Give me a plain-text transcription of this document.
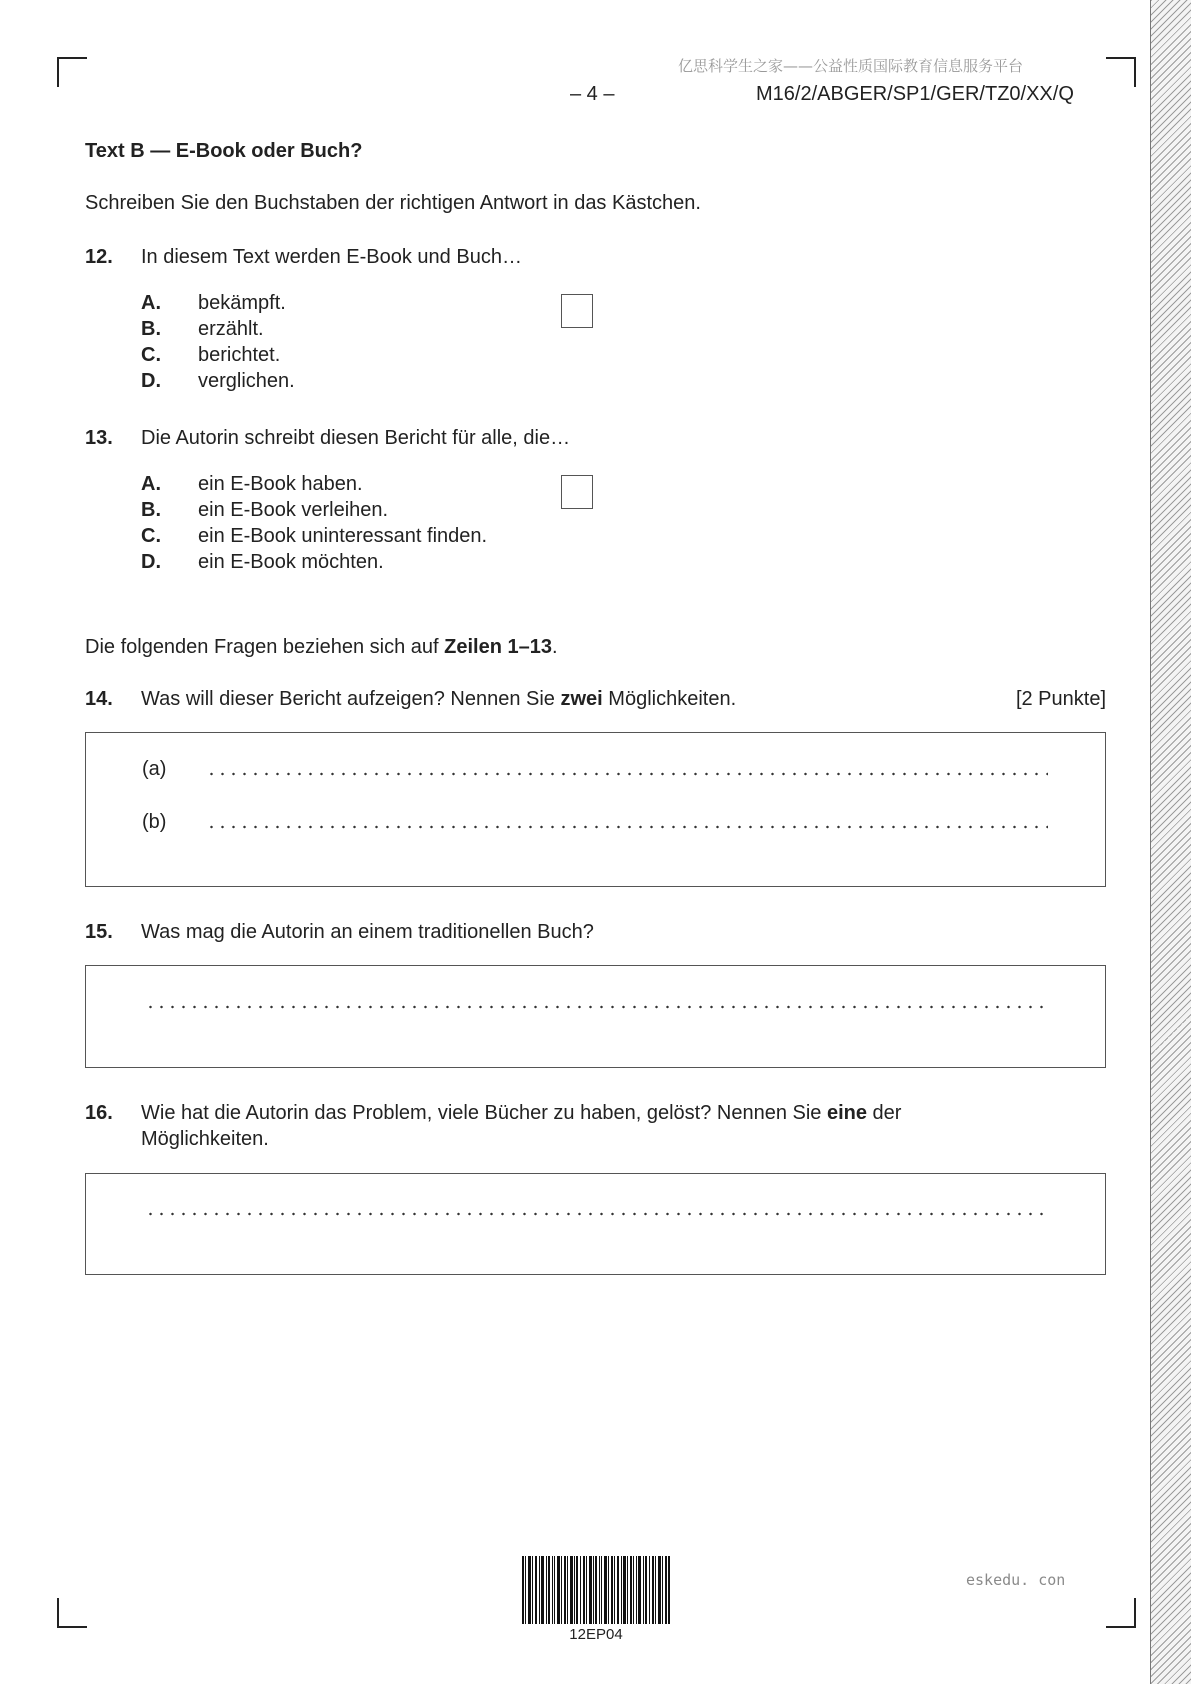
亿思科学生之家——公益性质国际教育信息服务平台
– 4 –	M16/2/ABGER/SP1/GER/TZ0/XX/Q
Text B — E-Book oder Buch?
Schreiben Sie den Buchstaben der richtigen Antwort in das Kästchen.
12. In diesem Text werden E-Book und Buch…
A. bekämpft.
B. erzählt.
C. berichtet.
D. verglichen.
13. Die Autorin schreibt diesen Bericht für alle, die…
A. ein E-Book haben.
B. ein E-Book verleihen.
C. ein E-Book uninteressant finden.
D. ein E-Book möchten.
Die folgenden Fragen beziehen sich auf Zeilen 1–13.
14. Was will dieser Bericht aufzeigen? Nennen Sie zwei Möglichkeiten.	[2 Punkte]
(a)
(b)
15. Was mag die Autorin an einem traditionellen Buch?
16. Wie hat die Autorin das Problem, viele Bücher zu haben, gelöst? Nennen Sie eine der
Möglichkeiten.
eskedu. con
12EP04
